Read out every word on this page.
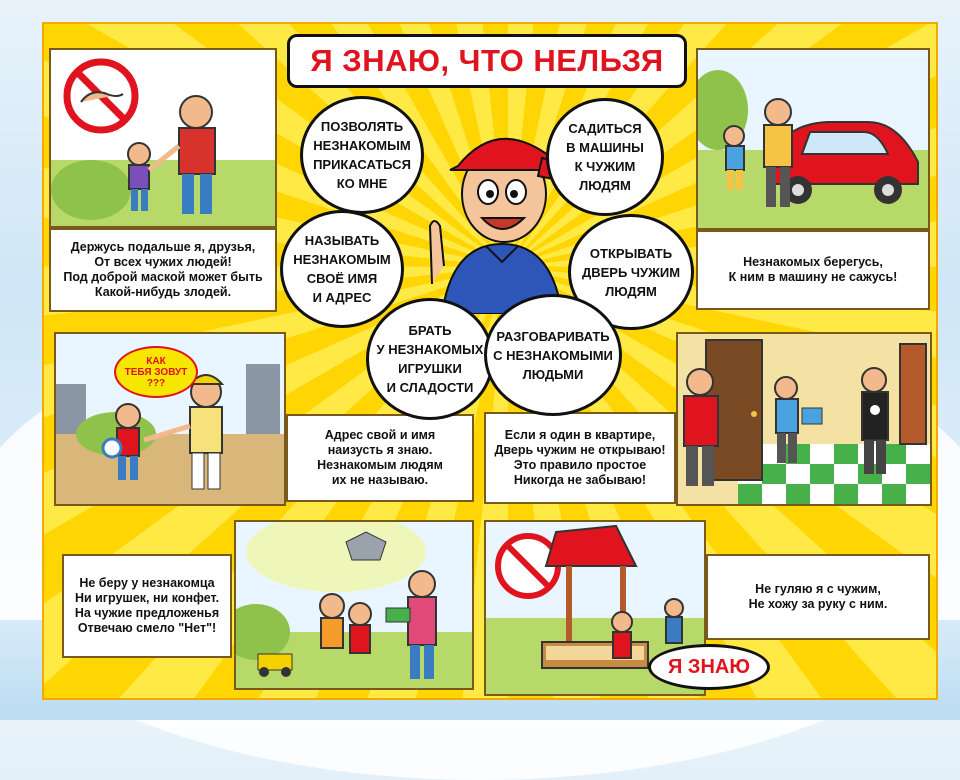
Я ЗНАЮ, ЧТО НЕЛЬЗЯ
Держусь подальше я, друзья,
От всех чужих людей!
Под доброй маской может быть
Какой-нибудь злодей.
Незнакомых берегусь,
К ним в машину не сажусь!
КАК
ТЕБЯ ЗОВУТ
???
Адрес свой и имя
наизусть я знаю.
Незнакомым людям
их не называю.
Если я один в квартире,
Дверь чужим не открываю!
Это правило простое
Никогда не забываю!
Не беру у незнакомца
Ни игрушек, ни конфет.
На чужие предложенья
Отвечаю смело "Нет"!
Не гуляю я с чужим,
Не хожу за руку с ним.
Я ЗНАЮ
ПОЗВОЛЯТЬ
НЕЗНАКОМЫМ
ПРИКАСАТЬСЯ
КО МНЕ
САДИТЬСЯ
В МАШИНЫ
К ЧУЖИМ
ЛЮДЯМ
НАЗЫВАТЬ
НЕЗНАКОМЫМ
СВОЁ ИМЯ
И АДРЕС
ОТКРЫВАТЬ
ДВЕРЬ ЧУЖИМ
ЛЮДЯМ
БРАТЬ
У НЕЗНАКОМЫХ
ИГРУШКИ
И СЛАДОСТИ
РАЗГОВАРИВАТЬ
С НЕЗНАКОМЫМИ
ЛЮДЬМИ
